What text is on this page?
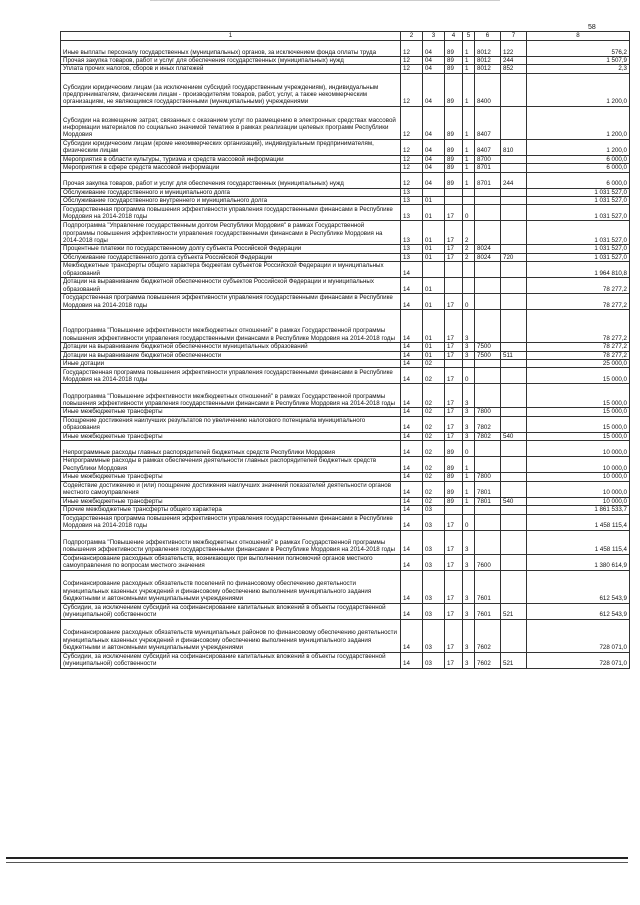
58
1	2	3	4	5	6	7	8
Иные выплаты персоналу государственных (муниципальных) органов, за исключением фонда оплаты труда	12	04	89	1	8012	122	576,2
Прочая закупка товаров, работ и услуг для обеспечения государственных (муниципальных) нужд	12	04	89	1	8012	244	1 507,9
Уплата прочих налогов, сборов и иных платежей	12	04	89	1	8012	852	2,3
Субсидии юридическим лицам (за исключением субсидий государственным учреждениям), индивидуальным предпринимателям, физическим лицам - производителям товаров, работ, услуг, а также некоммерческим организациям, не являющимся государственными (муниципальными) учреждениями	12	04	89	1	8400		1 200,0
Субсидии на возмещение затрат, связанных с оказанием услуг по размещению в электронных средствах массовой информации материалов по социально значимой тематике в рамках реализации целевых программ Республики Мордовия	12	04	89	1	8407		1 200,0
Субсидии юридическим лицам (кроме некоммерческих организаций), индивидуальным предпринимателям, физическим лицам	12	04	89	1	8407	810	1 200,0
Мероприятия в области культуры, туризма и средств массовой информации	12	04	89	1	8700		6 000,0
Мероприятия в сфере средств массовой информации	12	04	89	1	8701		6 000,0
Прочая закупка товаров, работ и услуг для обеспечения государственных (муниципальных) нужд	12	04	89	1	8701	244	6 000,0
Обслуживание государственного и муниципального долга	13						1 031 527,0
Обслуживание государственного внутреннего и муниципального долга	13	01					1 031 527,0
Государственная программа повышения эффективности управления государственными финансами в Республике Мордовия на 2014-2018 годы	13	01	17	0			1 031 527,0
Подпрограмма "Управление государственным долгом Республики Мордовия" в рамках Государственной программы повышения эффективности управления государственными финансами в Республике Мордовия на 2014-2018 годы	13	01	17	2			1 031 527,0
Процентные платежи по государственному долгу субъекта Российской Федерации	13	01	17	2	8024		1 031 527,0
Обслуживание государственного долга субъекта Российской Федерации	13	01	17	2	8024	720	1 031 527,0
Межбюджетные трансферты общего характера бюджетам субъектов Российской Федерации и муниципальных образований	14						1 964 810,8
Дотации на выравнивание бюджетной обеспеченности субъектов Российской Федерации и муниципальных образований	14	01					78 277,2
Государственная программа повышения эффективности управления государственными финансами в Республике Мордовия на 2014-2018 годы	14	01	17	0			78 277,2
Подпрограмма "Повышение эффективности межбюджетных отношений" в рамках Государственной программы повышения эффективности управления государственными финансами в Республике Мордовия на 2014-2018 годы	14	01	17	3			78 277,2
Дотации на выравнивание бюджетной обеспеченности муниципальных образований	14	01	17	3	7500		78 277,2
Дотации на выравнивание бюджетной обеспеченности	14	01	17	3	7500	511	78 277,2
Иные дотации	14	02					25 000,0
Государственная программа повышения эффективности управления государственными финансами в Республике Мордовия на 2014-2018 годы	14	02	17	0			15 000,0
Подпрограмма "Повышение эффективности межбюджетных отношений" в рамках Государственной программы повышения эффективности управления государственными финансами в Республике Мордовия на 2014-2018 годы	14	02	17	3			15 000,0
Иные межбюджетные трансферты	14	02	17	3	7800		15 000,0
Поощрение достижения наилучших результатов по увеличению налогового потенциала муниципального образования	14	02	17	3	7802		15 000,0
Иные межбюджетные трансферты	14	02	17	3	7802	540	15 000,0
Непрограммные расходы главных распорядителей бюджетных средств Республики Мордовия	14	02	89	0			10 000,0
Непрограммные расходы в рамках обеспечения деятельности главных распорядителей бюджетных средств Республики Мордовия	14	02	89	1			10 000,0
Иные межбюджетные трансферты	14	02	89	1	7800		10 000,0
Содействие достижению и (или) поощрение достижения наилучших значений показателей деятельности органов местного самоуправления	14	02	89	1	7801		10 000,0
Иные межбюджетные трансферты	14	02	89	1	7801	540	10 000,0
Прочие межбюджетные трансферты общего характера	14	03					1 861 533,7
Государственная программа повышения эффективности управления государственными финансами в Республике Мордовия на 2014-2018 годы	14	03	17	0			1 458 115,4
Подпрограмма "Повышение эффективности межбюджетных отношений" в рамках Государственной программы повышения эффективности управления государственными финансами в Республике Мордовия на 2014-2018 годы	14	03	17	3			1 458 115,4
Софинансирование расходных обязательств, возникающих при выполнении полномочий органов местного самоуправления по вопросам местного значения	14	03	17	3	7600		1 380 614,9
Софинансирование расходных обязательств поселений по финансовому обеспечению деятельности муниципальных казенных учреждений и финансовому обеспечению выполнения муниципального задания бюджетными и автономными муниципальными учреждениями	14	03	17	3	7601		612 543,9
Субсидии, за исключением субсидий на софинансирование капитальных вложений в объекты государственной (муниципальной) собственности	14	03	17	3	7601	521	612 543,9
Софинансирование расходных обязательств муниципальных районов по финансовому обеспечению деятельности муниципальных казенных учреждений и финансовому обеспечению выполнения муниципального задания бюджетными и автономными муниципальными учреждениями	14	03	17	3	7602		728 071,0
Субсидии, за исключением субсидий на софинансирование капитальных вложений в объекты государственной (муниципальной) собственности	14	03	17	3	7602	521	728 071,0
